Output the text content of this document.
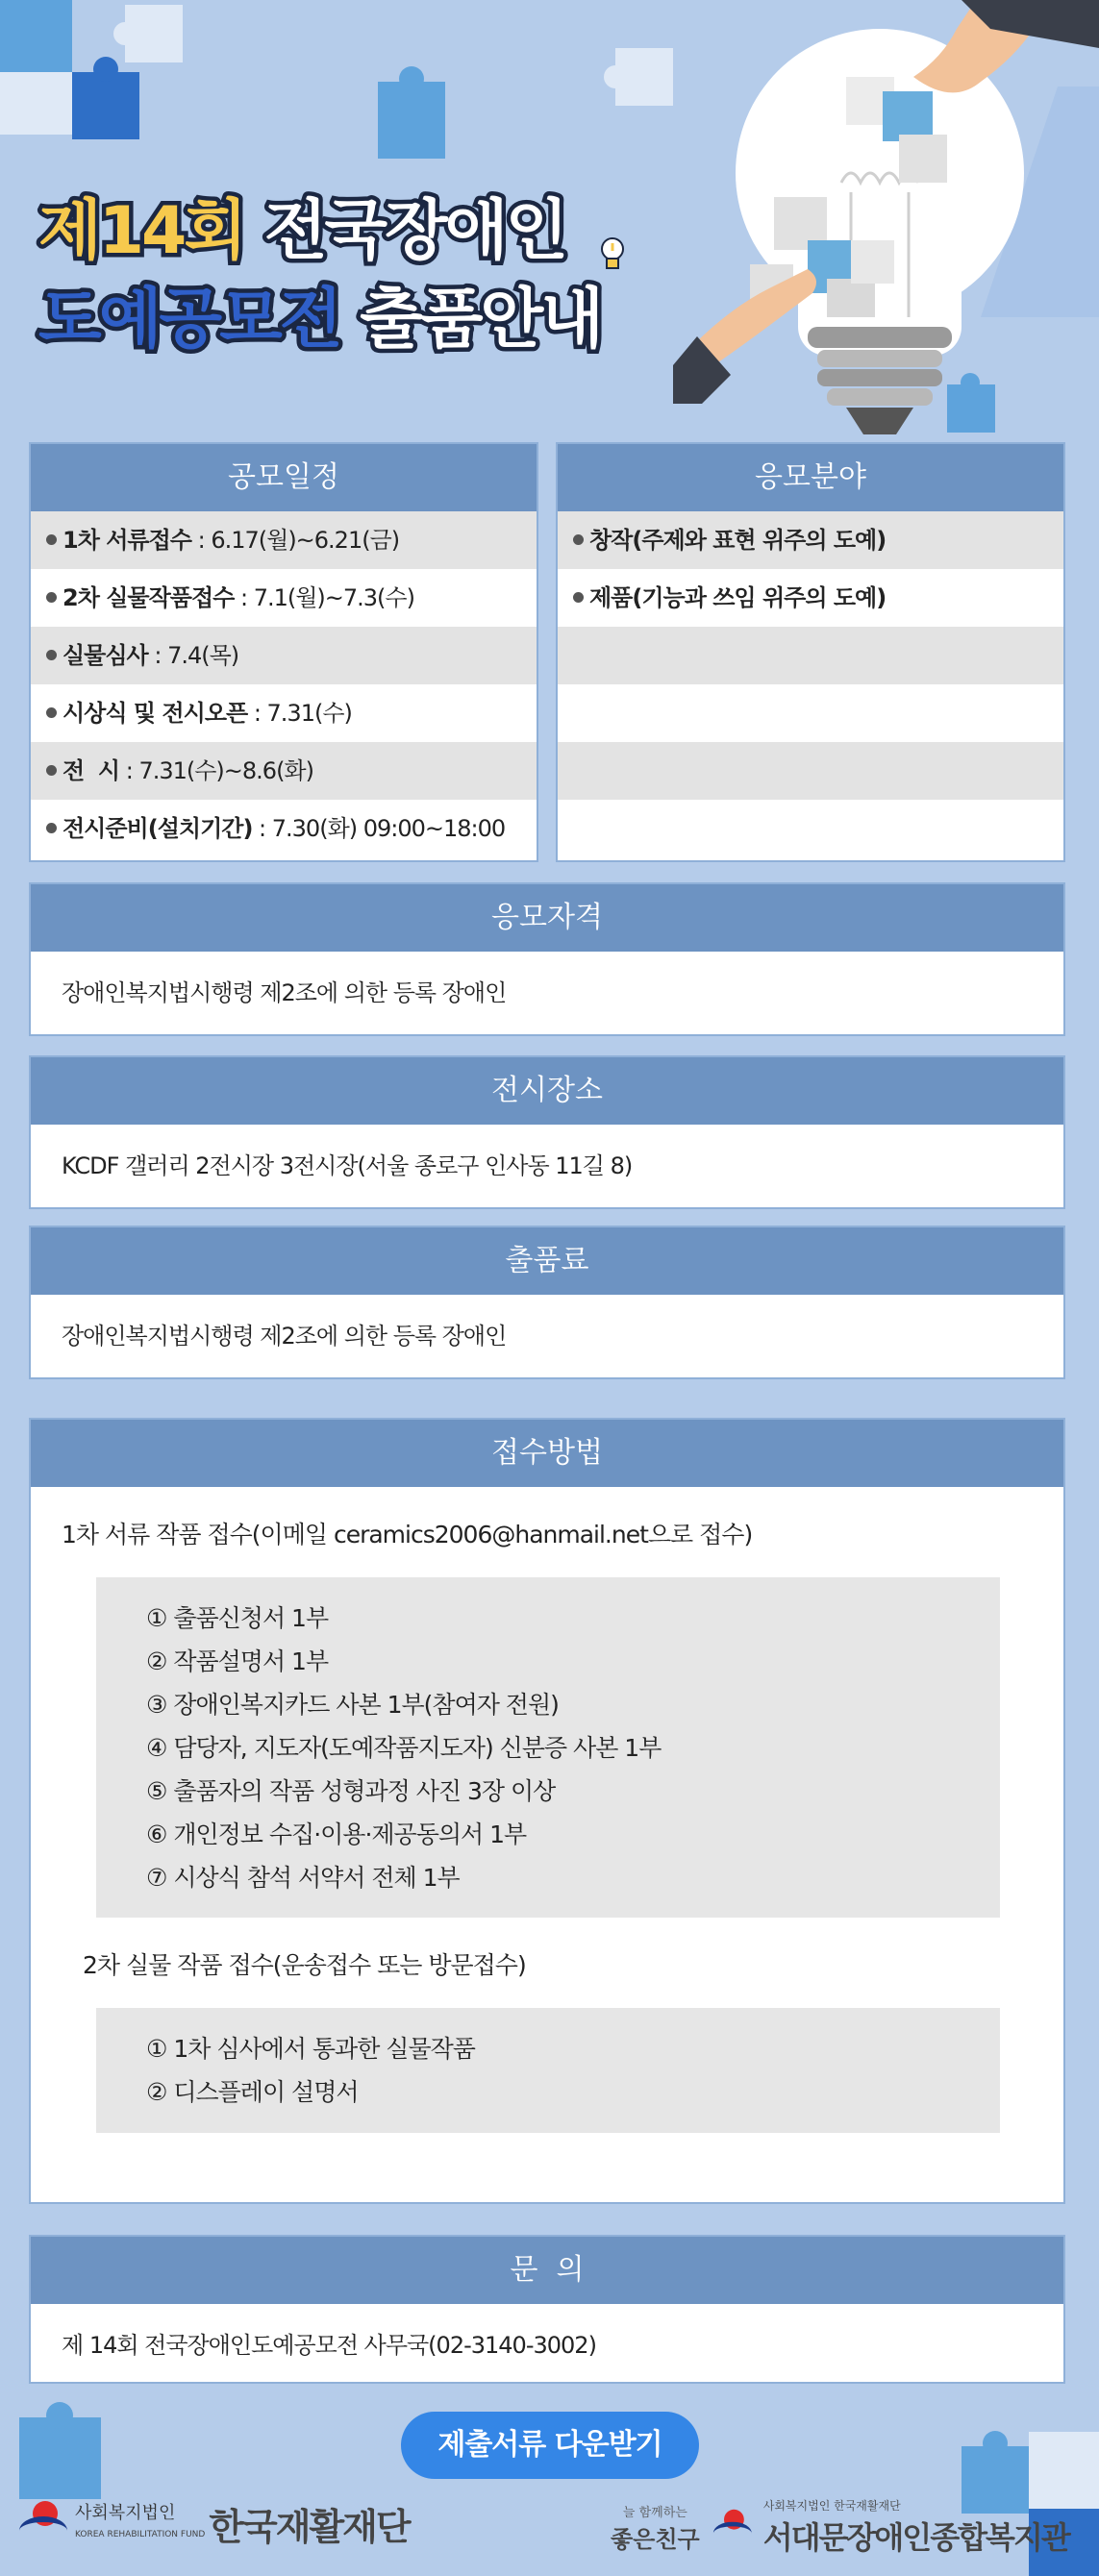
제14회 전국장애인
도예공모전 출품안내
공모일정
1차 서류접수 : 6.17(월)~6.21(금)
2차 실물작품접수 : 7.1(월)~7.3(수)
실물심사 : 7.4(목)
시상식 및 전시오픈 : 7.31(수)
전  시 : 7.31(수)~8.6(화)
전시준비(설치기간) : 7.30(화) 09:00~18:00
응모분야
창작(주제와 표현 위주의 도예)
제품(기능과 쓰임 위주의 도예)
응모자격
장애인복지법시행령 제2조에 의한 등록 장애인
전시장소
KCDF 갤러리 2전시장 3전시장(서울 종로구 인사동 11길 8)
출품료
장애인복지법시행령 제2조에 의한 등록 장애인
접수방법
1차 서류 작품 접수(이메일 ceramics2006@hanmail.net으로 접수)
① 출품신청서 1부
② 작품설명서 1부
③ 장애인복지카드 사본 1부(참여자 전원)
④ 담당자, 지도자(도예작품지도자) 신분증 사본 1부
⑤ 출품자의 작품 성형과정 사진 3장 이상
⑥ 개인정보 수집·이용·제공동의서 1부
⑦ 시상식 참석 서약서 전체 1부
2차 실물 작품 접수(운송접수 또는 방문접수)
① 1차 심사에서 통과한 실물작품
② 디스플레이 설명서
문  의
제 14회 전국장애인도예공모전 사무국(02-3140-3002)
제출서류 다운받기
사회복지법인
KOREA REHABILITATION FUND 한국재활재단	늘 함께하는
좋은친구
사회복지법인 한국재활재단
서대문장애인종합복지관
